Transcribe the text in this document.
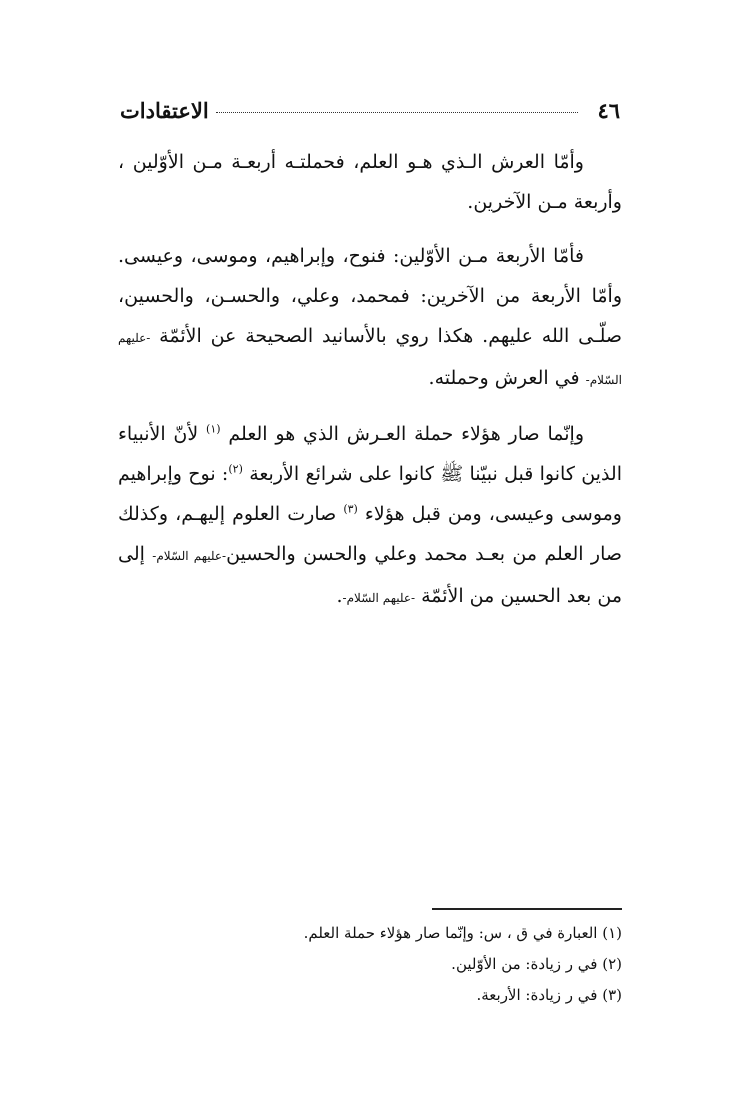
٤٦
الاعتقادات

وأمّا العرش الـذي هـو العلم، فحملتـه أربعـة مـن الأوّلين ، وأربعة مـن الآخرين.

فأمّا الأربعة مـن الأوّلين: فنوح، وإبراهيم، وموسى، وعيسى. وأمّا الأربعة من الآخرين: فمحمد، وعلي، والحسـن، والحسين، صلّـى الله عليهم. هكذا روي بالأسانيد الصحيحة عن الأئمّة -عليهم السّلام- في العرش وحملته.

وإنّما صار هؤلاء حملة العـرش الذي هو العلم $^{(١)}$ لأنّ الأنبياء الذين كانوا قبل نبيّنا ﷺ كانوا على شرائع الأربعة $^{(٢)}$: نوح وإبراهيم وموسى وعيسى، ومن قبل هؤلاء $^{(٣)}$ صارت العلوم إليهـم، وكذلك صار العلم من بعـد محمد وعلي والحسن والحسين-عليهم السّلام- إلى من بعد الحسين من الأئمّة -عليهم السّلام-.

(١) العبارة في ق ، س: وإنّما صار هؤلاء حملة العلم.

(٢) في ر زيادة: من الأوّلين.

(٣) في ر زيادة: الأربعة.
